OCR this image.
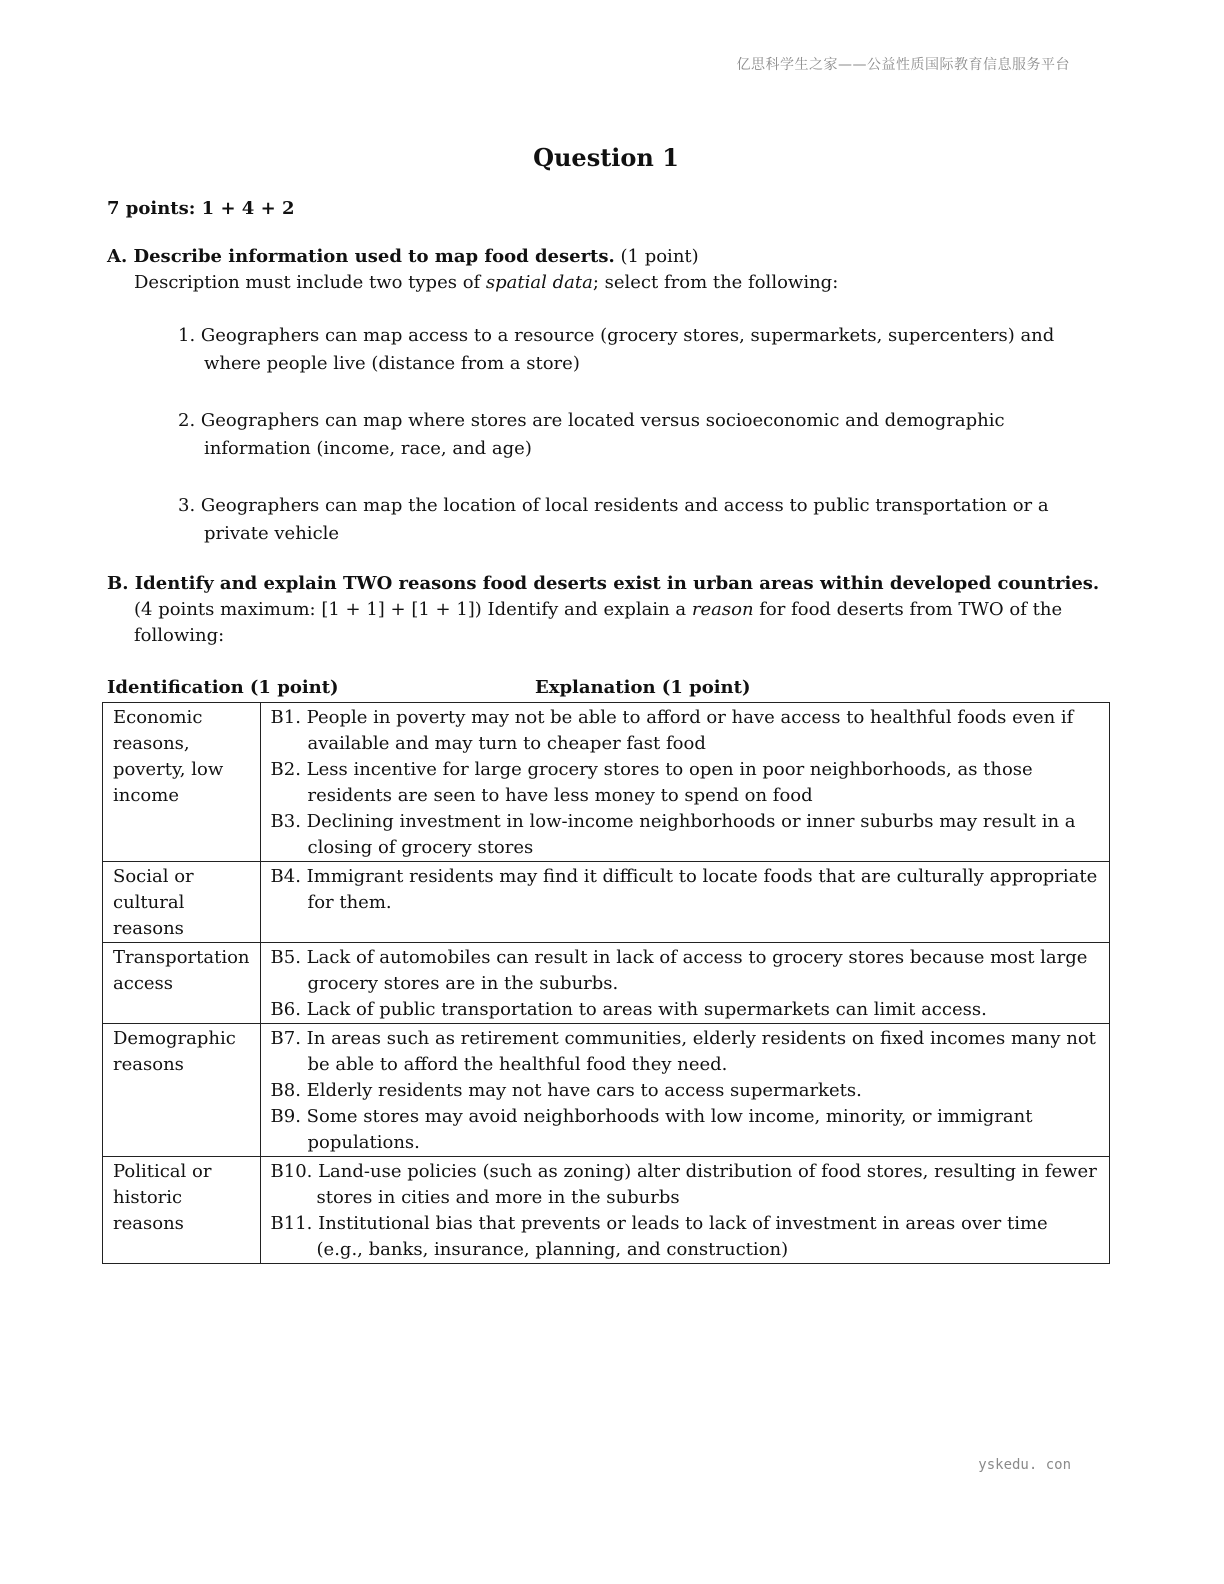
亿思科学生之家——公益性质国际教育信息服务平台
Question 1
7 points: 1 + 4 + 2
A. Describe information used to map food deserts. (1 point)
Description must include two types of spatial data; select from the following:
1. Geographers can map access to a resource (grocery stores, supermarkets, supercenters) and where people live (distance from a store)
2. Geographers can map where stores are located versus socioeconomic and demographic information (income, race, and age)
3. Geographers can map the location of local residents and access to public transportation or a private vehicle
B. Identify and explain TWO reasons food deserts exist in urban areas within developed countries.
(4 points maximum: [1 + 1] + [1 + 1]) Identify and explain a reason for food deserts from TWO of the following:
Identification (1 point)	Explanation (1 point)
Economic reasons, poverty, low income	B1. People in poverty may not be able to afford or have access to healthful foods even if available and may turn to cheaper fast food
B2. Less incentive for large grocery stores to open in poor neighborhoods, as those residents are seen to have less money to spend on food
B3. Declining investment in low-income neighborhoods or inner suburbs may result in a closing of grocery stores

Social or cultural reasons	B4. Immigrant residents may find it difficult to locate foods that are culturally appropriate for them.

Transportation access	B5. Lack of automobiles can result in lack of access to grocery stores because most large grocery stores are in the suburbs.
B6. Lack of public transportation to areas with supermarkets can limit access.

Demographic reasons	B7. In areas such as retirement communities, elderly residents on fixed incomes many not be able to afford the healthful food they need.
B8. Elderly residents may not have cars to access supermarkets.
B9. Some stores may avoid neighborhoods with low income, minority, or immigrant populations.

Political or historic reasons	B10. Land-use policies (such as zoning) alter distribution of food stores, resulting in fewer stores in cities and more in the suburbs
B11. Institutional bias that prevents or leads to lack of investment in areas over time (e.g., banks, insurance, planning, and construction)
yskedu. con
